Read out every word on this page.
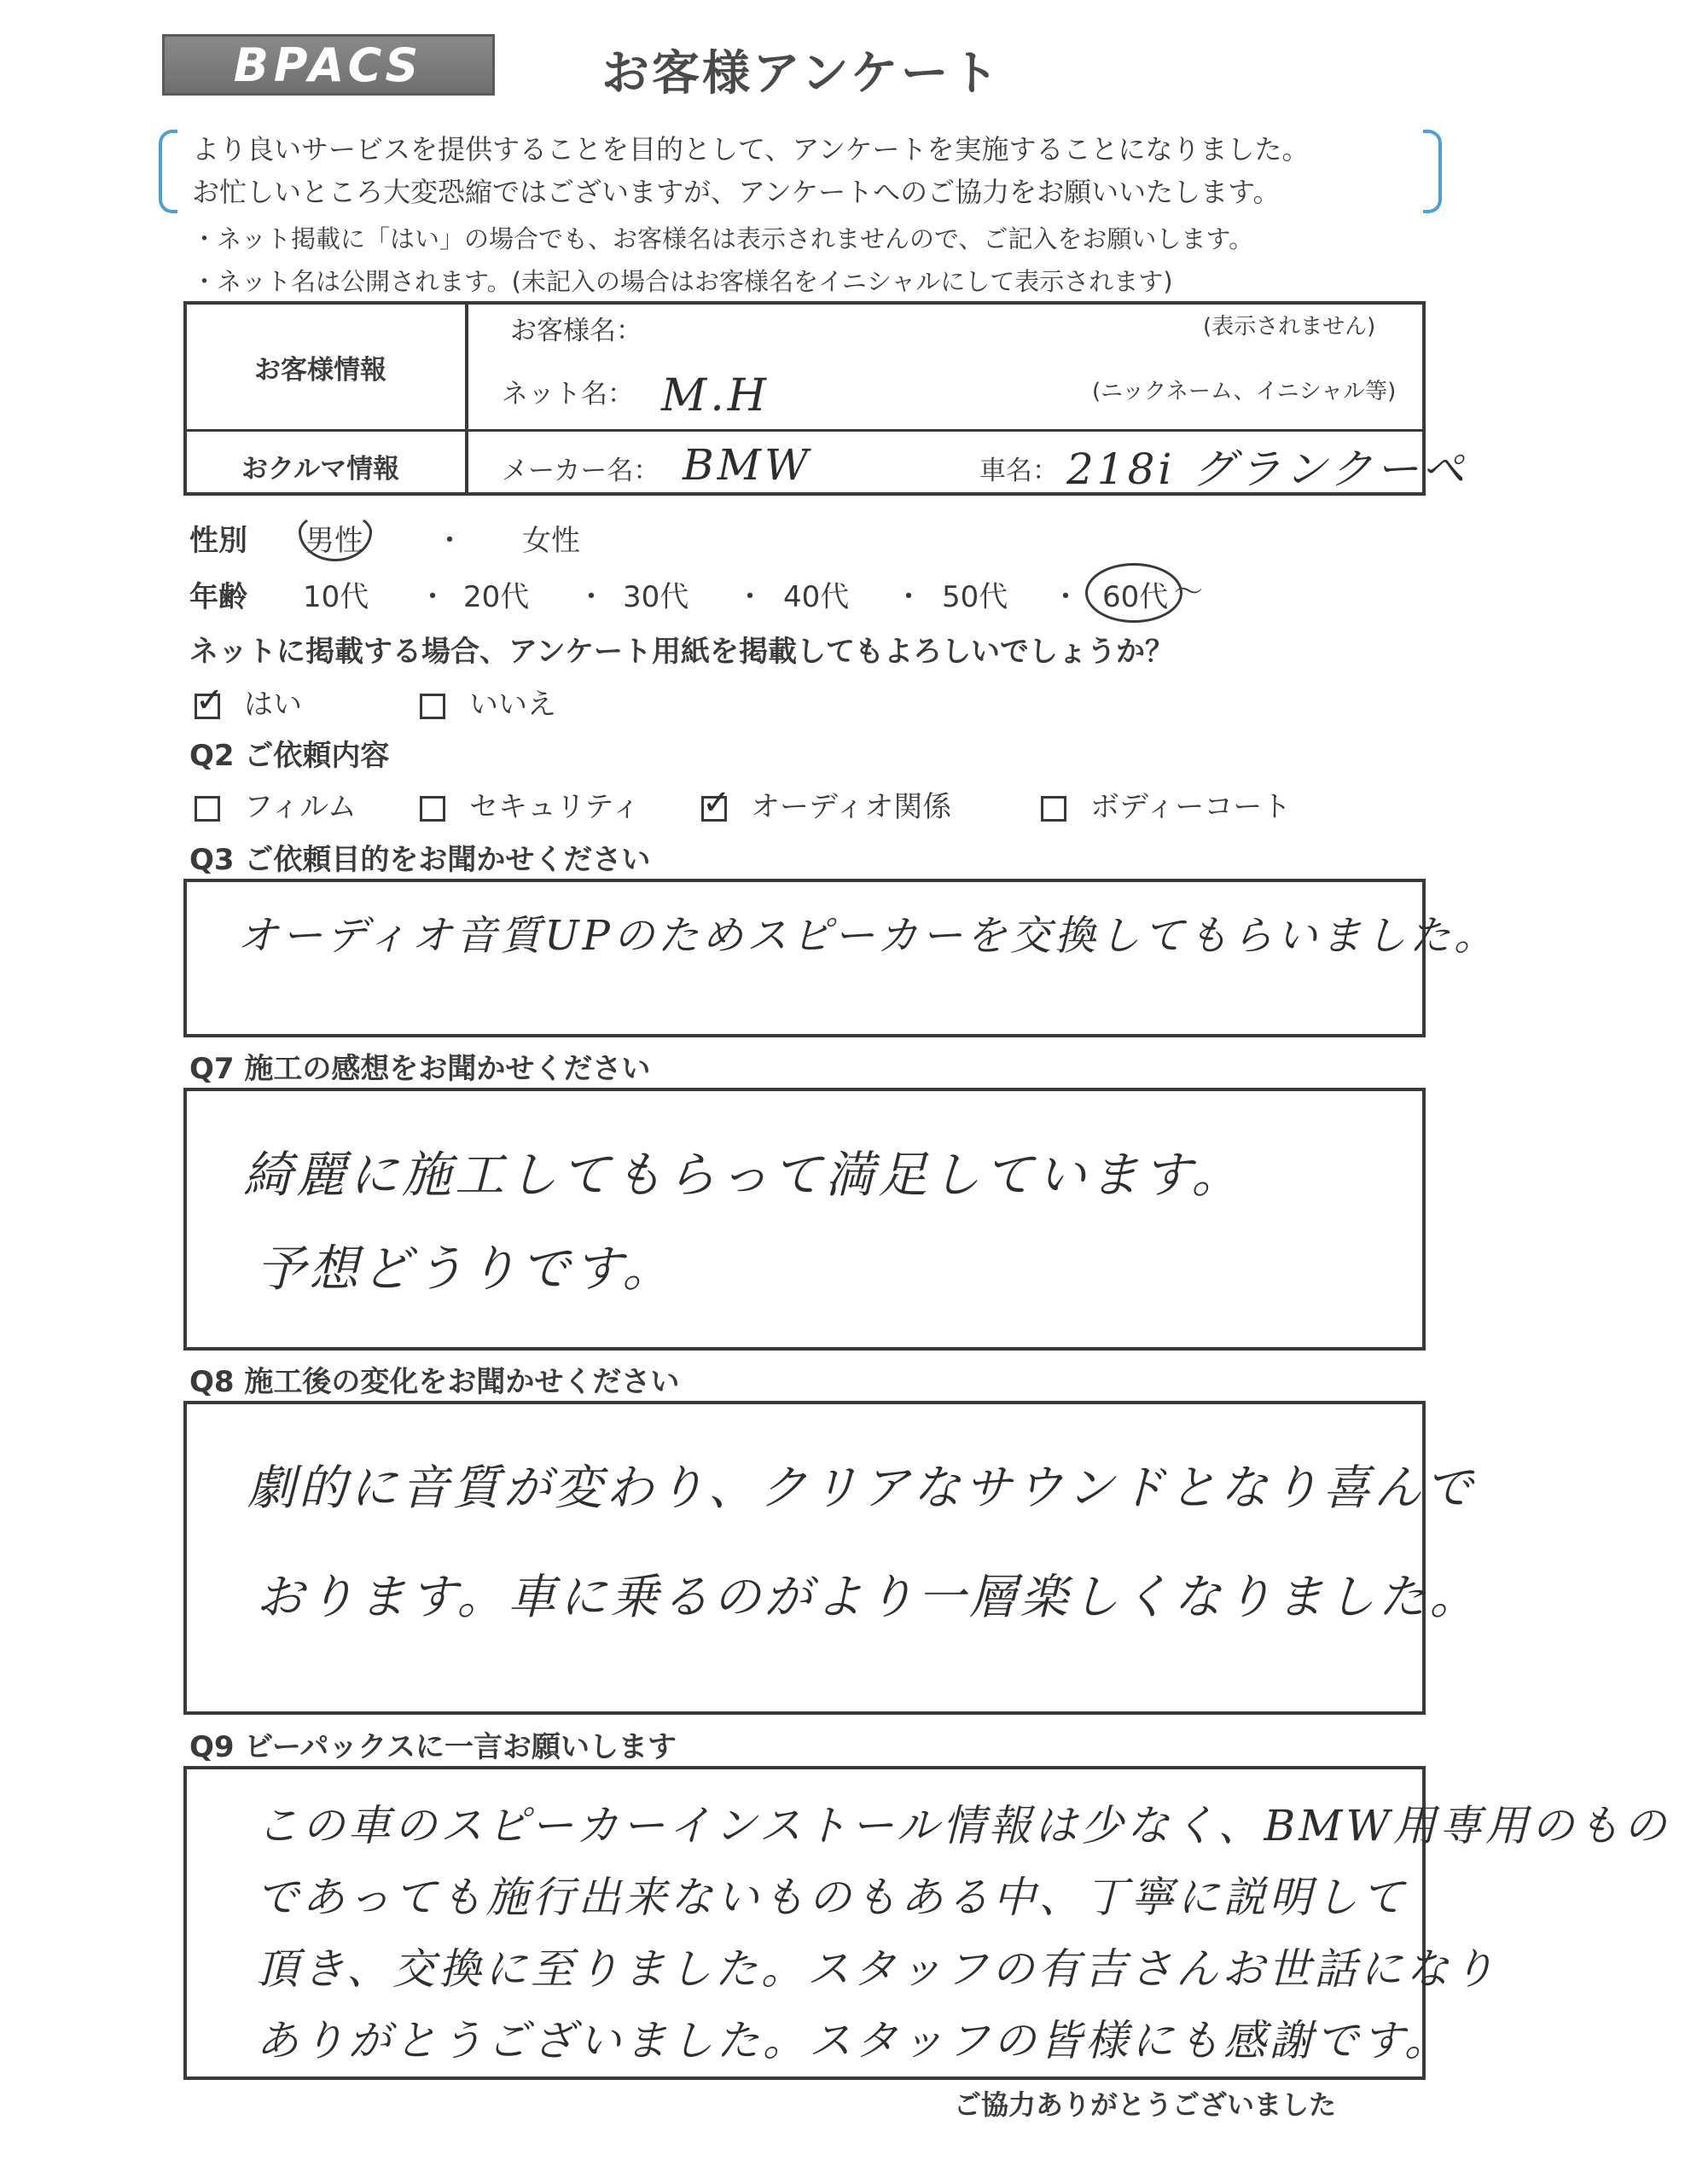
BPACS	お客様アンケート
より良いサービスを提供することを目的として、アンケートを実施することになりました。
お忙しいところ大変恐縮ではございますが、アンケートへのご協力をお願いいたします。
・ネット掲載に「はい」の場合でも、お客様名は表示されませんので、ご記入をお願いします。
・ネット名は公開されます。(未記入の場合はお客様名をイニシャルにして表示されます)
お客様情報
お客様名：	(表示されません)
ネット名： M.H	(ニックネーム、イニシャル等)
おクルマ情報	メーカー名： BMW	車名： 218i グランクーペ
性別 男性 ・ 女性
年齢 10代 ・ 20代 ・ 30代 ・ 40代 ・ 50代 ・ 60代 〜
ネットに掲載する場合、アンケート用紙を掲載してもよろしいでしょうか？
✓ はい	いいえ
Q2 ご依頼内容
フィルム	セキュリティ ✓ オーディオ関係	ボディーコート
Q3 ご依頼目的をお聞かせください
オーディオ音質UPのためスピーカーを交換してもらいました。
Q7 施工の感想をお聞かせください
綺麗に施工してもらって満足しています。
予想どうりです。
Q8 施工後の変化をお聞かせください
劇的に音質が変わり、クリアなサウンドとなり喜んで
おります。車に乗るのがより一層楽しくなりました。
Q9 ビーパックスに一言お願いします
この車のスピーカーインストール情報は少なく、BMW用専用のもの
であっても施行出来ないものもある中、丁寧に説明して
頂き、交換に至りました。スタッフの有吉さんお世話になり
ありがとうございました。スタッフの皆様にも感謝です。
ご協力ありがとうございました
